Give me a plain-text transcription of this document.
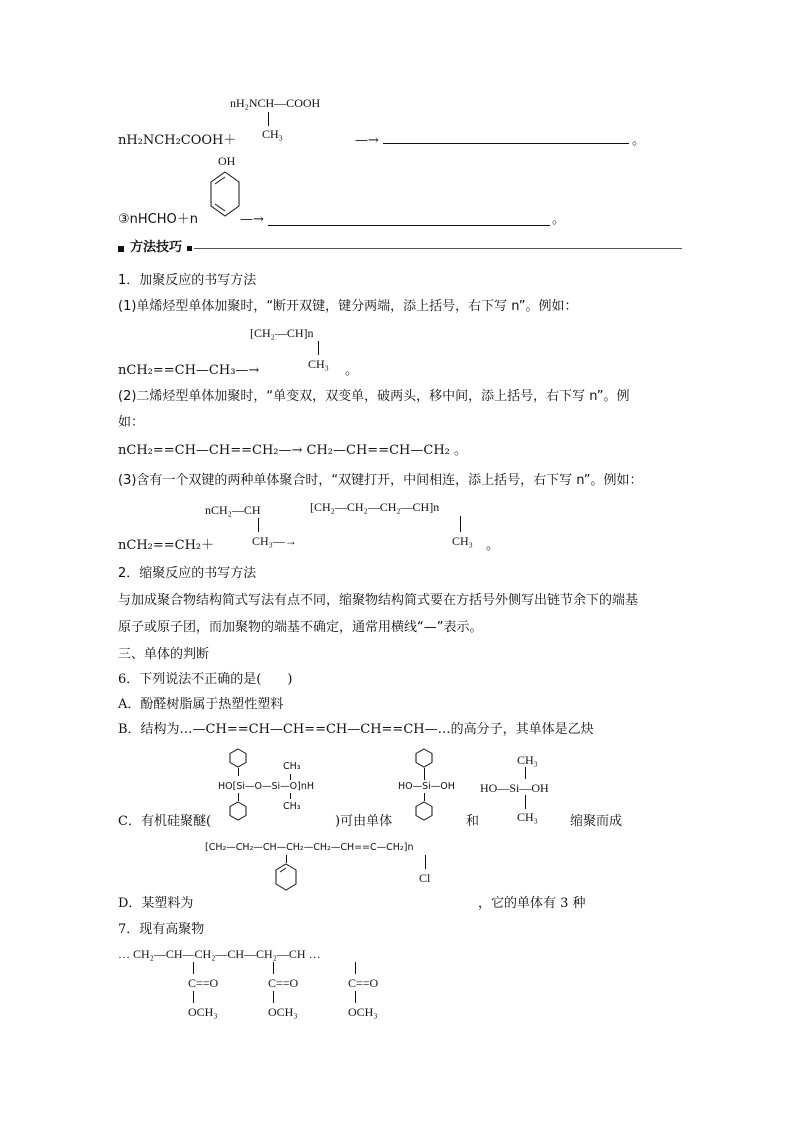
nH₂NCH—COOH
CH₃
nH₂NCH₂COOH＋	—→	。
OH
③nHCHO＋n	—→	。
方法技巧
1．加聚反应的书写方法
(1)单烯烃型单体加聚时，“断开双键，键分两端，添上括号，右下写 n”。例如：
[CH₂—CH]n
CH₃
nCH₂==CH—CH₃—→	。
(2)二烯烃型单体加聚时，“单变双，双变单，破两头，移中间，添上括号，右下写 n”。例
如：
nCH₂==CH—CH==CH₂—→ CH₂—CH==CH—CH₂ 。
(3)含有一个双键的两种单体聚合时，“双键打开，中间相连，添上括号，右下写 n”。例如：
nCH₂—CH
CH₃—→
[CH₂—CH₂—CH₂—CH]n
CH₃
nCH₂==CH₂＋	。
2．缩聚反应的书写方法
与加成聚合物结构简式写法有点不同，缩聚物结构简式要在方括号外侧写出链节余下的端基
原子或原子团，而加聚物的端基不确定，通常用横线“—”表示。
三、单体的判断
6．下列说法不正确的是(　　)
A．酚醛树脂属于热塑性塑料
B．结构为…—CH==CH—CH==CH—CH==CH—…的高分子，其单体是乙炔
CH₃
HO[Si—O—Si—O]nH
CH₃
HO—Si—OH
CH₃
HO—Si—OH
CH₃
C．有机硅聚醚(	)可由单体	和	缩聚而成
[CH₂—CH₂—CH—CH₂—CH₂—CH==C—CH₂]n
Cl
D．某塑料为	，它的单体有 3 种
7．现有高聚物
… CH₂—CH—CH₂—CH—CH₂—CH …
C==O	C==O	C==O
OCH₃	OCH₃	OCH₃
